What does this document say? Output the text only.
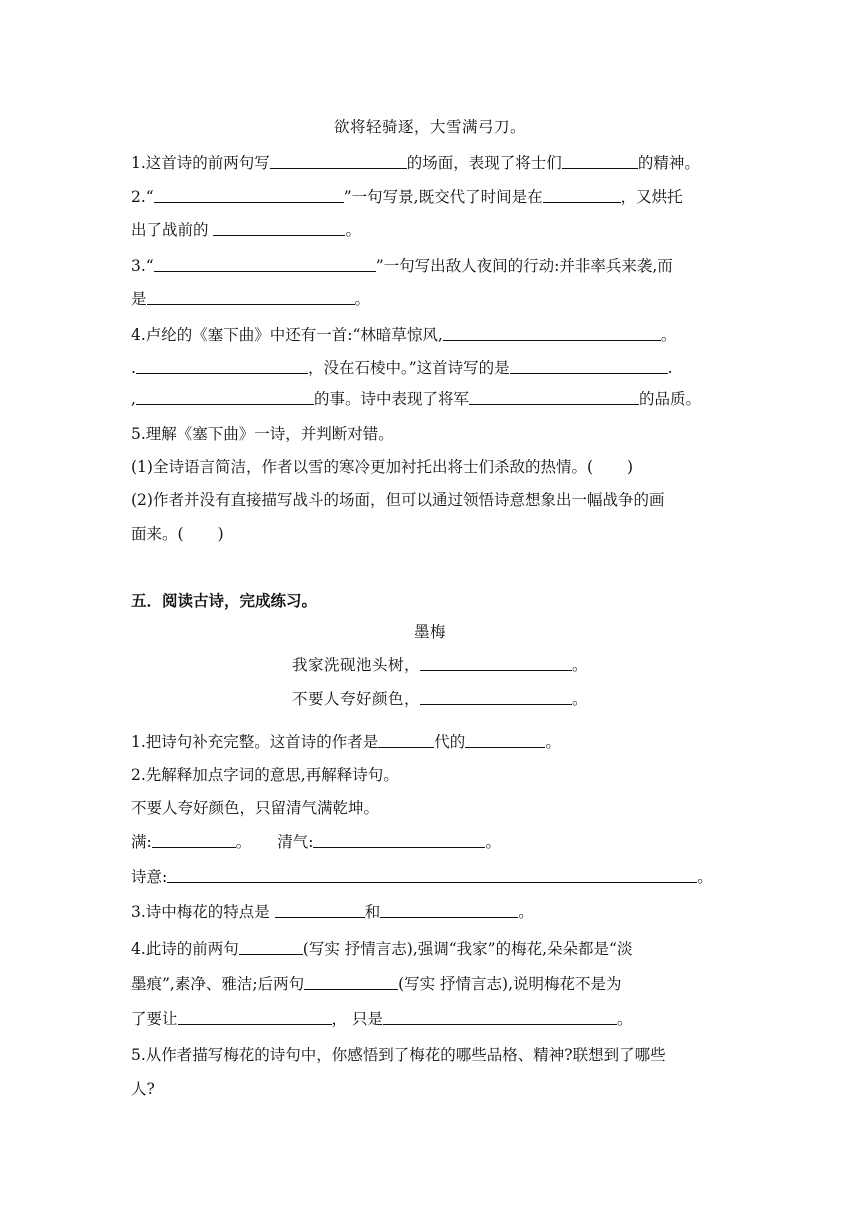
欲将轻骑逐，大雪满弓刀。
1.这首诗的前两句写	的场面，表现了将士们	的精神。
2.“	”一句写景,既交代了时间是在	，又烘托
出了战前的	。
3.“	”一句写出敌人夜间的行动:并非率兵来袭,而
是	。
4.卢纶的《塞下曲》中还有一首:“林暗草惊风,	。
.	，没在石棱中。”这首诗写的是	.
,	的事。诗中表现了将军	的品质。
5.理解《塞下曲》一诗，并判断对错。
(1)全诗语言简洁，作者以雪的寒冷更加衬托出将士们杀敌的热情。( )
(2)作者并没有直接描写战斗的场面，但可以通过领悟诗意想象出一幅战争的画
面来。( )
五．阅读古诗，完成练习。
墨梅
我家洗砚池头树，	。
不要人夸好颜色，	。
1.把诗句补充完整。这首诗的作者是	代的	。
2.先解释加点字词的意思,再解释诗句。
不要人夸好颜色，只留清气满乾坤。
满:	。 清气:	。
诗意:	。
3.诗中梅花的特点是	和	。
4.此诗的前两句	(写实 抒情言志),强调“我家”的梅花,朵朵都是“淡
墨痕”,素净、雅洁;后两句	(写实 抒情言志),说明梅花不是为
了要让	， 只是	。
5.从作者描写梅花的诗句中，你感悟到了梅花的哪些品格、精神?联想到了哪些
人?
